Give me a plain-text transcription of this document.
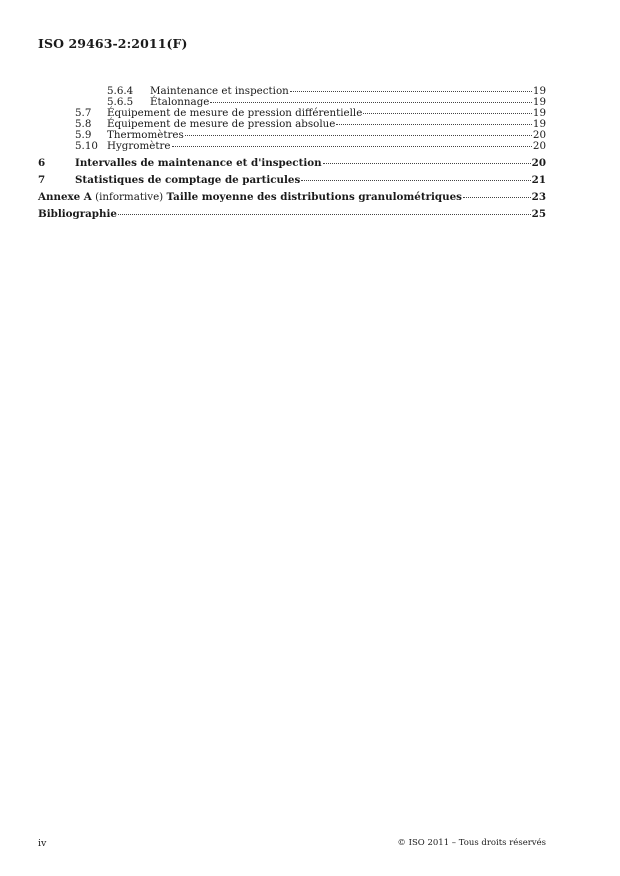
ISO 29463-2:2011(F)
5.6.4	Maintenance et inspection	19
5.6.5	Étalonnage	19
5.7	Équipement de mesure de pression différentielle	19
5.8	Équipement de mesure de pression absolue	19
5.9	Thermomètres	20
5.10 Hygromètre	20
6	Intervalles de maintenance et d'inspection	20
7	Statistiques de comptage de particules	21
Annexe A (informative) Taille moyenne des distributions granulométriques	23
Bibliographie	25
iv	© ISO 2011 – Tous droits réservés
